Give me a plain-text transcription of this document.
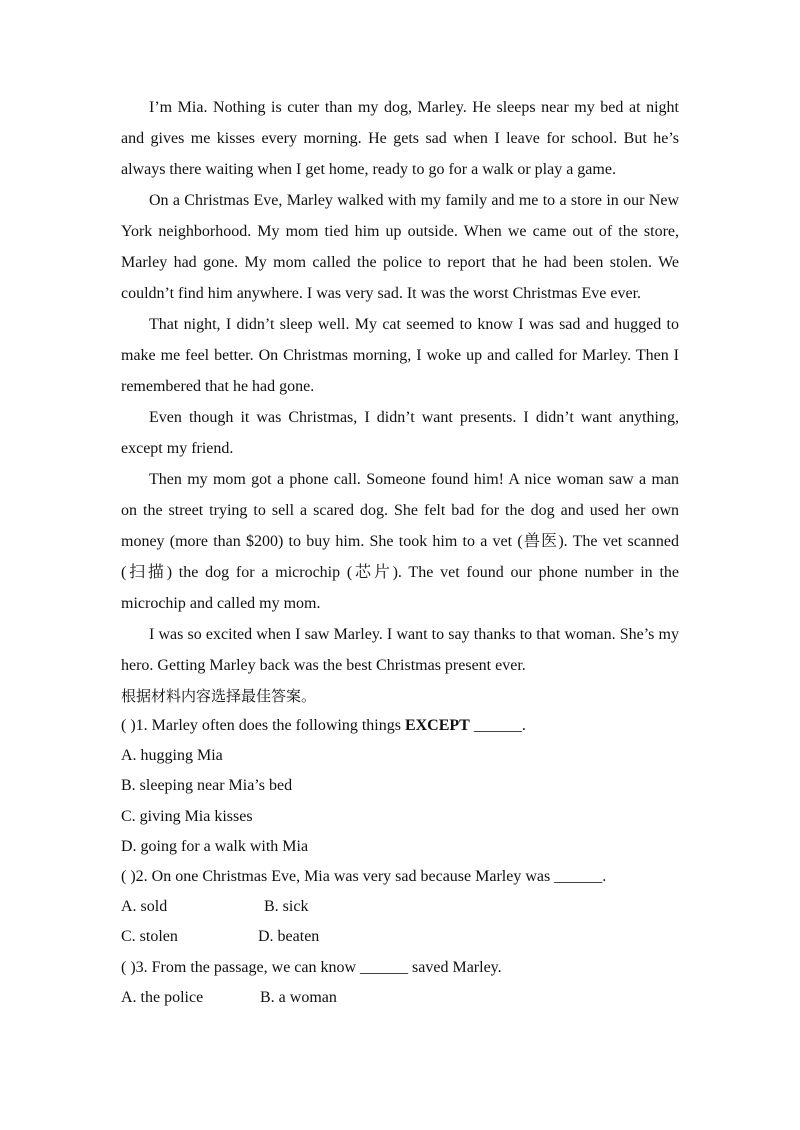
I’m Mia. Nothing is cuter than my dog, Marley. He sleeps near my bed at night and gives me kisses every morning. He gets sad when I leave for school. But he’s always there waiting when I get home, ready to go for a walk or play a game.

On a Christmas Eve, Marley walked with my family and me to a store in our New York neighborhood. My mom tied him up outside. When we came out of the store, Marley had gone. My mom called the police to report that he had been stolen. We couldn’t find him anywhere. I was very sad. It was the worst Christmas Eve ever.

That night, I didn’t sleep well. My cat seemed to know I was sad and hugged to make me feel better. On Christmas morning, I woke up and called for Marley. Then I remembered that he had gone.

Even though it was Christmas, I didn’t want presents. I didn’t want anything, except my friend.

Then my mom got a phone call. Someone found him! A nice woman saw a man on the street trying to sell a scared dog. She felt bad for the dog and used her own money (more than $200) to buy him. She took him to a vet (兽医). The vet scanned (扫描) the dog for a microchip (芯片). The vet found our phone number in the microchip and called my mom.

I was so excited when I saw Marley. I want to say thanks to that woman. She’s my hero. Getting Marley back was the best Christmas present ever.

根据材料内容选择最佳答案。

( )1. Marley often does the following things EXCEPT ______.

A. hugging Mia

B. sleeping near Mia’s bed

C. giving Mia kisses

D. going for a walk with Mia

( )2. On one Christmas Eve, Mia was very sad because Marley was ______.

A. sold	B. sick
C. stolen	D. beaten

( )3. From the passage, we can know ______ saved Marley.

A. the police	B. a woman
